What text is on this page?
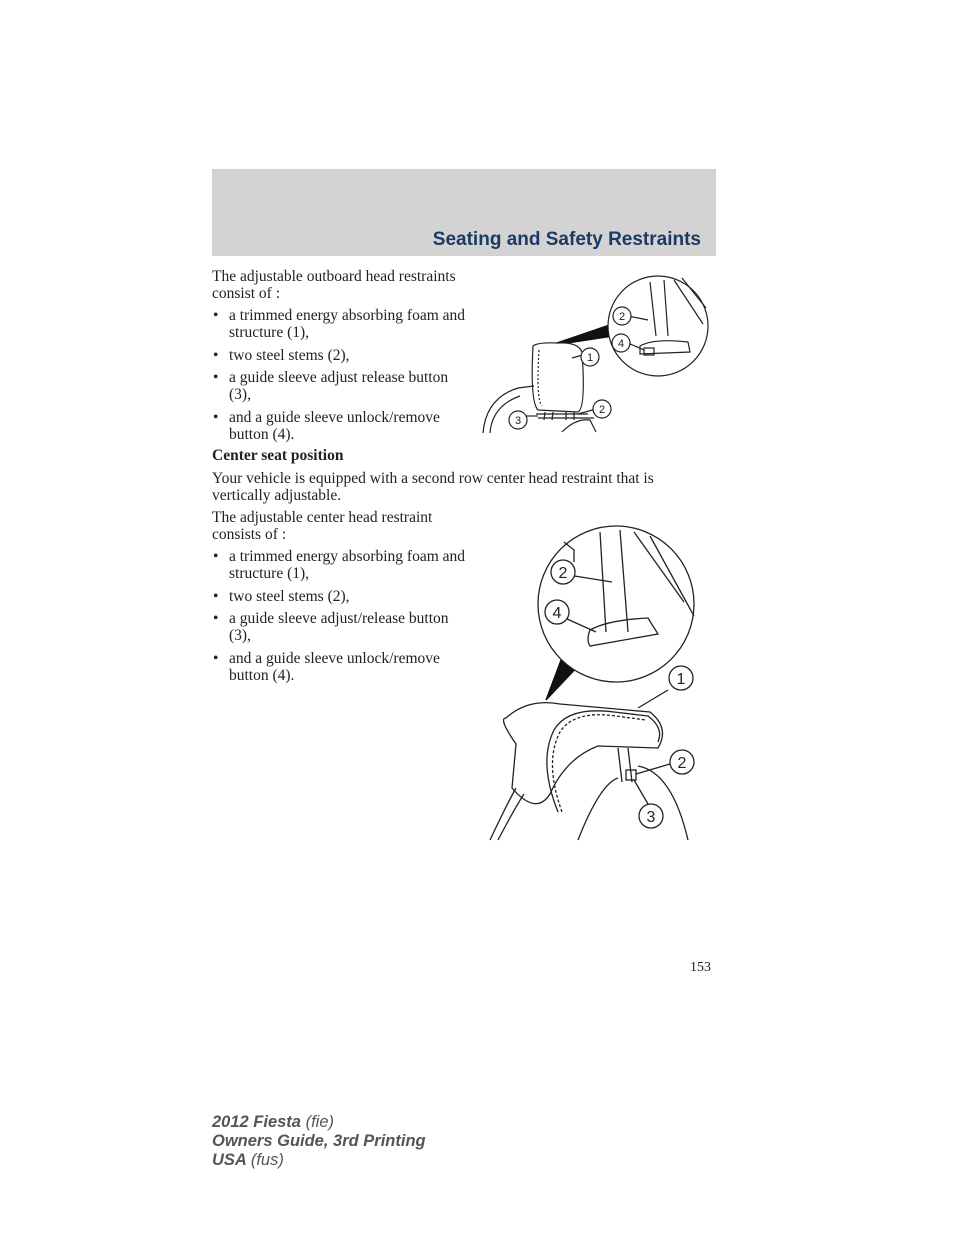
Seating and Safety Restraints
The adjustable outboard head restraints consist of :
• a trimmed energy absorbing foam and structure (1),
• two steel stems (2),
• a guide sleeve adjust release button (3),
• and a guide sleeve unlock/remove button (4).
Center seat position
Your vehicle is equipped with a second row center head restraint that is vertically adjustable.
The adjustable center head restraint consists of :
• a trimmed energy absorbing foam and structure (1),
• two steel stems (2),
• a guide sleeve adjust/release button (3),
• and a guide sleeve unlock/remove button (4).
1
2
3
2
4
2
4
1
2
3
153
2012 Fiesta (fie)
Owners Guide, 3rd Printing
USA (fus)
